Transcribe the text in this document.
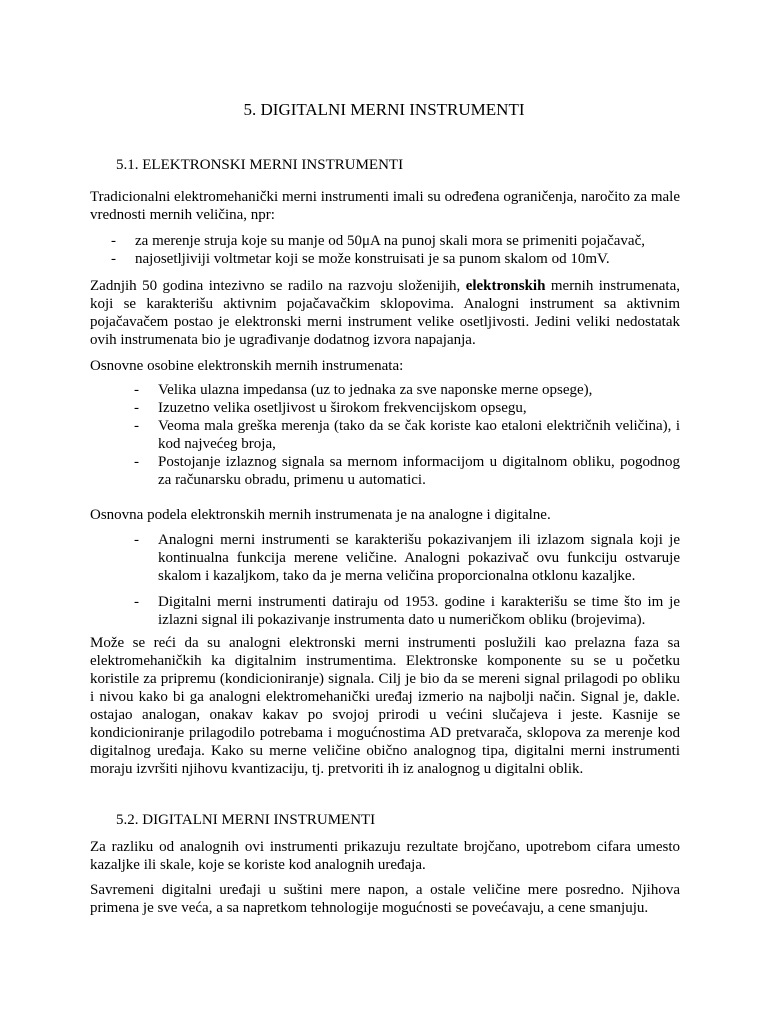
5. DIGITALNI MERNI INSTRUMENTI
5.1. ELEKTRONSKI MERNI INSTRUMENTI

Tradicionalni elektromehanički merni instrumenti imali su određena ograničenja, naročito za male vrednosti mernih veličina, npr:

- za merenje struja koje su manje od 50μA na punoj skali mora se primeniti pojačavač,
- najosetljiviji voltmetar koji se može konstruisati je sa punom skalom od 10mV.

Zadnjih 50 godina intezivno se radilo na razvoju složenijih, elektronskih mernih instrumenata, koji se karakterišu aktivnim pojačavačkim sklopovima. Analogni instrument sa aktivnim pojačavačem postao je elektronski merni instrument velike osetljivosti. Jedini veliki nedostatak ovih instrumenata bio je ugrađivanje dodatnog izvora napajanja.

Osnovne osobine elektronskih mernih instrumenata:

- Velika ulazna impedansa (uz to jednaka za sve naponske merne opsege),
- Izuzetno velika osetljivost u širokom frekvencijskom opsegu,
- Veoma mala greška merenja (tako da se čak koriste kao etaloni električnih veličina), i kod najvećeg broja,
- Postojanje izlaznog signala sa mernom informacijom u digitalnom obliku, pogodnog za računarsku obradu, primenu u automatici.

Osnovna podela elektronskih mernih instrumenata je na analogne i digitalne.

- Analogni merni instrumenti se karakterišu pokazivanjem ili izlazom signala koji je kontinualna funkcija merene veličine. Analogni pokazivač ovu funkciju ostvaruje skalom i kazaljkom, tako da je merna veličina proporcionalna otklonu kazaljke.
- Digitalni merni instrumenti datiraju od 1953. godine i karakterišu se time što im je izlazni signal ili pokazivanje instrumenta dato u numeričkom obliku (brojevima).

Može se reći da su analogni elektronski merni instrumenti poslužili kao prelazna faza sa elektromehaničkih ka digitalnim instrumentima. Elektronske komponente su se u početku koristile za pripremu (kondicioniranje) signala. Cilj je bio da se mereni signal prilagodi po obliku i nivou kako bi ga analogni elektromehanički uređaj izmerio na najbolji način. Signal je, dakle. ostajao analogan, onakav kakav po svojoj prirodi u većini slučajeva i jeste. Kasnije se kondicioniranje prilagodilo potrebama i mogućnostima AD pretvarača, sklopova za merenje kod digitalnog uređaja. Kako su merne veličine obično analognog tipa, digitalni merni instrumenti moraju izvršiti njihovu kvantizaciju, tj. pretvoriti ih iz analognog u digitalni oblik.

5.2. DIGITALNI MERNI INSTRUMENTI

Za razliku od analognih ovi instrumenti prikazuju rezultate brojčano, upotrebom cifara umesto kazaljke ili skale, koje se koriste kod analognih uređaja.

Savremeni digitalni uređaji u suštini mere napon, a ostale veličine mere posredno. Njihova primena je sve veća, a sa napretkom tehnologije mogućnosti se povećavaju, a cene smanjuju.
